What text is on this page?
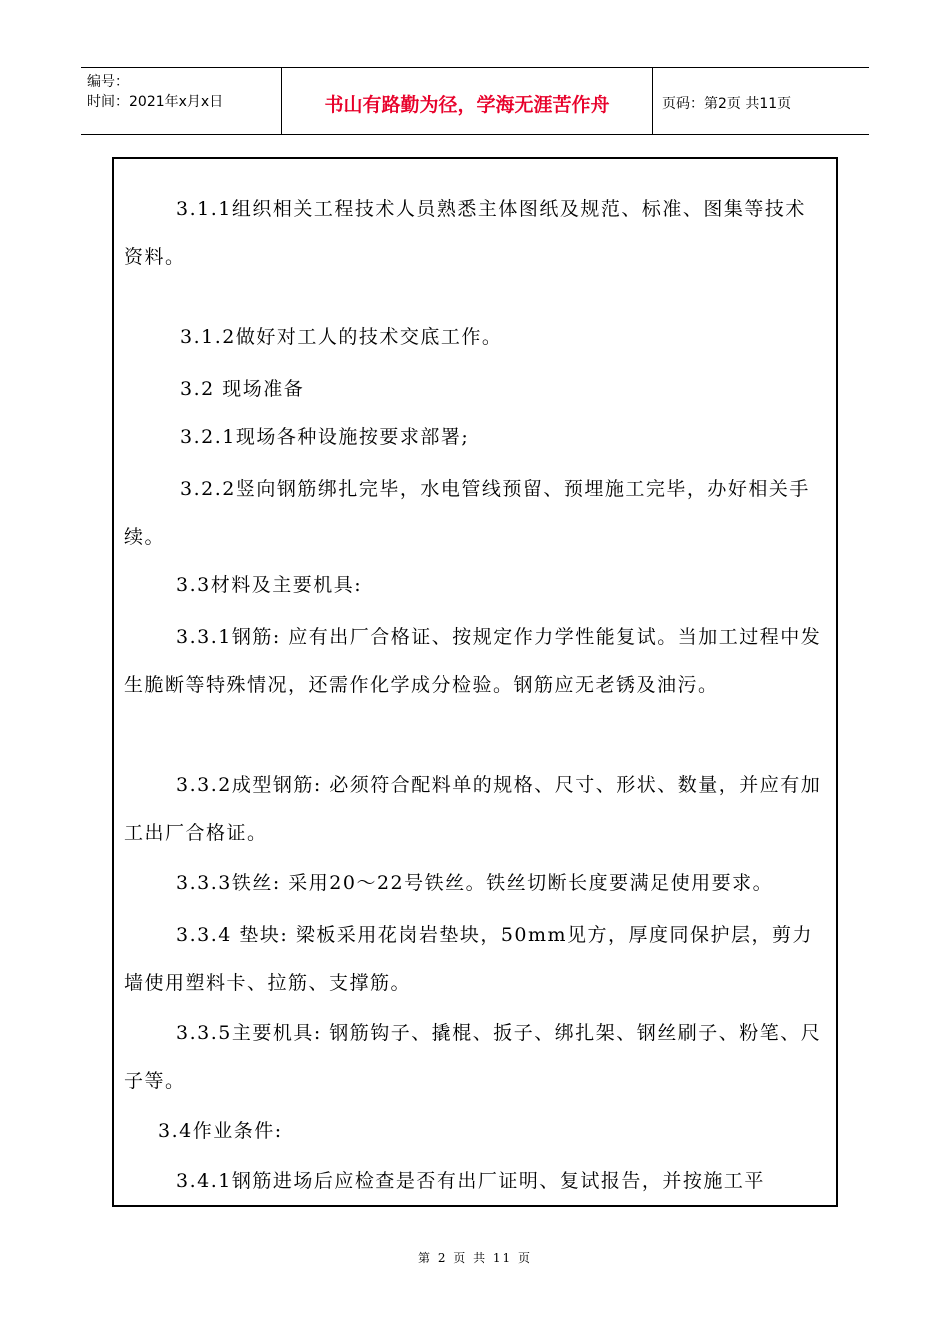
编号：
时间：2021年x月x日	书山有路勤为径，学海无涯苦作舟	页码：第2页 共11页
3.1.1组织相关工程技术人员熟悉主体图纸及规范、标准、图集等技术资料。
3.1.2做好对工人的技术交底工作。
3.2 现场准备
3.2.1现场各种设施按要求部署;
3.2.2竖向钢筋绑扎完毕，水电管线预留、预埋施工完毕，办好相关手续。
3.3材料及主要机具:
3.3.1钢筋: 应有出厂合格证、按规定作力学性能复试。当加工过程中发生脆断等特殊情况，还需作化学成分检验。钢筋应无老锈及油污。
3.3.2成型钢筋: 必须符合配料单的规格、尺寸、形状、数量，并应有加工出厂合格证。
3.3.3铁丝: 采用20～22号铁丝。铁丝切断长度要满足使用要求。
3.3.4 垫块: 梁板采用花岗岩垫块，50mm见方，厚度同保护层，剪力墙使用塑料卡、拉筋、支撑筋。
3.3.5主要机具: 钢筋钩子、撬棍、扳子、绑扎架、钢丝刷子、粉笔、尺子等。
3.4作业条件:
3.4.1钢筋进场后应检查是否有出厂证明、复试报告，并按施工平
第 2 页 共 11 页
